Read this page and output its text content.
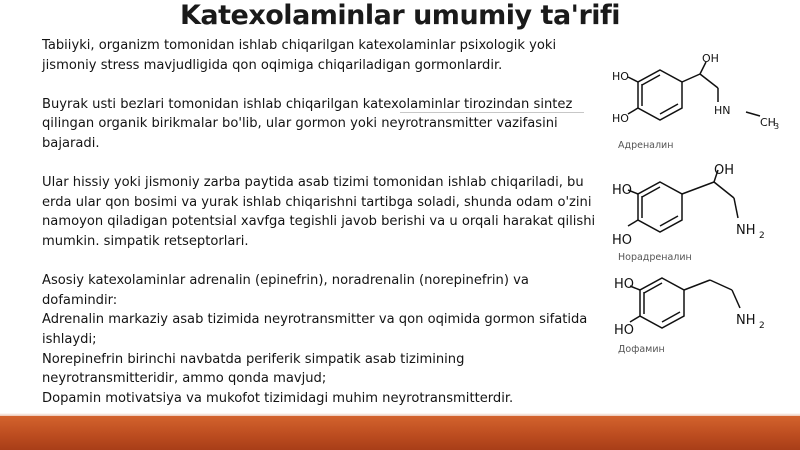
Katexolaminlar umumiy ta'rifi

Tabiiyki, organizm tomonidan ishlab chiqarilgan katexolaminlar psixologik yoki jismoniy stress mavjudligida qon oqimiga chiqariladigan gormonlardir.

Buyrak usti bezlari tomonidan ishlab chiqarilgan katexolaminlar tirozindan sintez qilingan organik birikmalar bo'lib, ular gormon yoki neyrotransmitter vazifasini bajaradi.

Ular hissiy yoki jismoniy zarba paytida asab tizimi tomonidan ishlab chiqariladi, bu erda ular qon bosimi va yurak ishlab chiqarishni tartibga soladi, shunda odam o'zini namoyon qiladigan potentsial xavfga tegishli javob berishi va u orqali harakat qilishi mumkin. simpatik retseptorlari.

Asosiy katexolaminlar adrenalin (epinefrin), noradrenalin (norepinefrin) va dofamindir:

Adrenalin markaziy asab tizimida neyrotransmitter va qon oqimida gormon sifatida ishlaydi;

Norepinefrin birinchi navbatda periferik simpatik asab tizimining neyrotransmitteridir, ammo qonda mavjud;

Dopamin motivatsiya va mukofot tizimidagi muhim neyrotransmitterdir.

HO
HO
OH
HN
CH
3
Адреналин
HO
HO
OH
NH 2
Норадреналин
HO
HO
NH 2
Дофамин
